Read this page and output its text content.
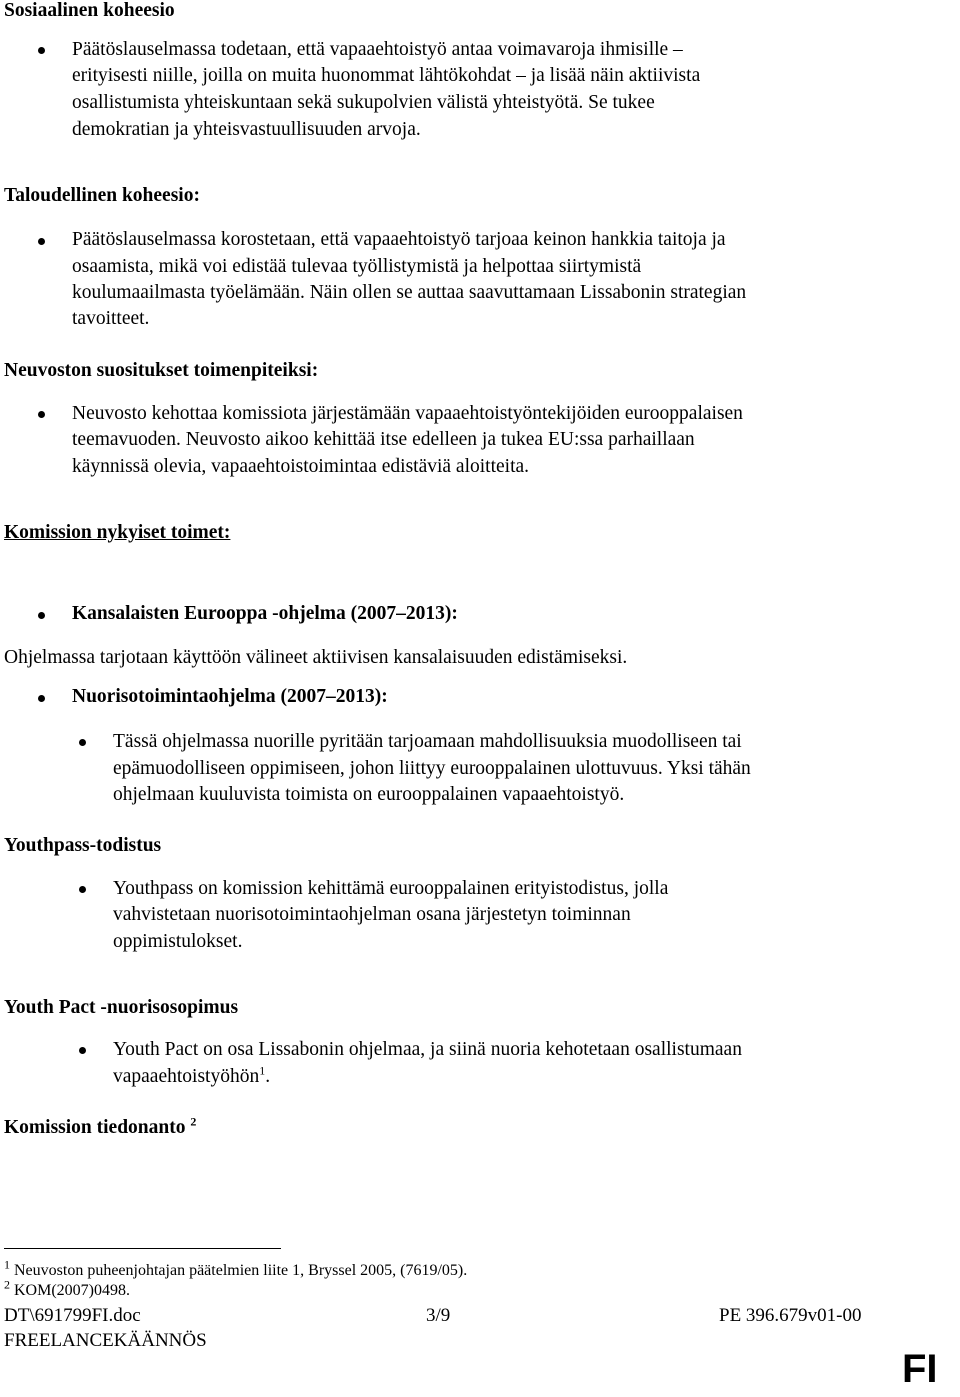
Sosiaalinen koheesio
Päätöslauselmassa todetaan, että vapaaehtoistyö antaa voimavaroja ihmisille –
erityisesti niille, joilla on muita huonommat lähtökohdat – ja lisää näin aktiivista
osallistumista yhteiskuntaan sekä sukupolvien välistä yhteistyötä. Se tukee
demokratian ja yhteisvastuullisuuden arvoja.
Taloudellinen koheesio:
Päätöslauselmassa korostetaan, että vapaaehtoistyö tarjoaa keinon hankkia taitoja ja
osaamista, mikä voi edistää tulevaa työllistymistä ja helpottaa siirtymistä
koulumaailmasta työelämään. Näin ollen se auttaa saavuttamaan Lissabonin strategian
tavoitteet.
Neuvoston suositukset toimenpiteiksi:
Neuvosto kehottaa komissiota järjestämään vapaaehtoistyöntekijöiden eurooppalaisen
teemavuoden. Neuvosto aikoo kehittää itse edelleen ja tukea EU:ssa parhaillaan
käynnissä olevia, vapaaehtoistoimintaa edistäviä aloitteita.
Komission nykyiset toimet:
Kansalaisten Eurooppa -ohjelma (2007–2013):
Ohjelmassa tarjotaan käyttöön välineet aktiivisen kansalaisuuden edistämiseksi.
Nuorisotoimintaohjelma (2007–2013):
Tässä ohjelmassa nuorille pyritään tarjoamaan mahdollisuuksia muodolliseen tai
epämuodolliseen oppimiseen, johon liittyy eurooppalainen ulottuvuus. Yksi tähän
ohjelmaan kuuluvista toimista on eurooppalainen vapaaehtoistyö.
Youthpass-todistus
Youthpass on komission kehittämä eurooppalainen erityistodistus, jolla
vahvistetaan nuorisotoimintaohjelman osana järjestetyn toiminnan
oppimistulokset.
Youth Pact -nuorisosopimus
Youth Pact on osa Lissabonin ohjelmaa, ja siinä nuoria kehotetaan osallistumaan
vapaaehtoistyöhön$^1$.
Komission tiedonanto $^2$
$^1$ Neuvoston puheenjohtajan päätelmien liite 1, Bryssel 2005, (7619/05).
$^2$ KOM(2007)0498.
DT\691799FI.doc	3/9	PE 396.679v01-00
FREELANCEKÄÄNNÖS
FI
